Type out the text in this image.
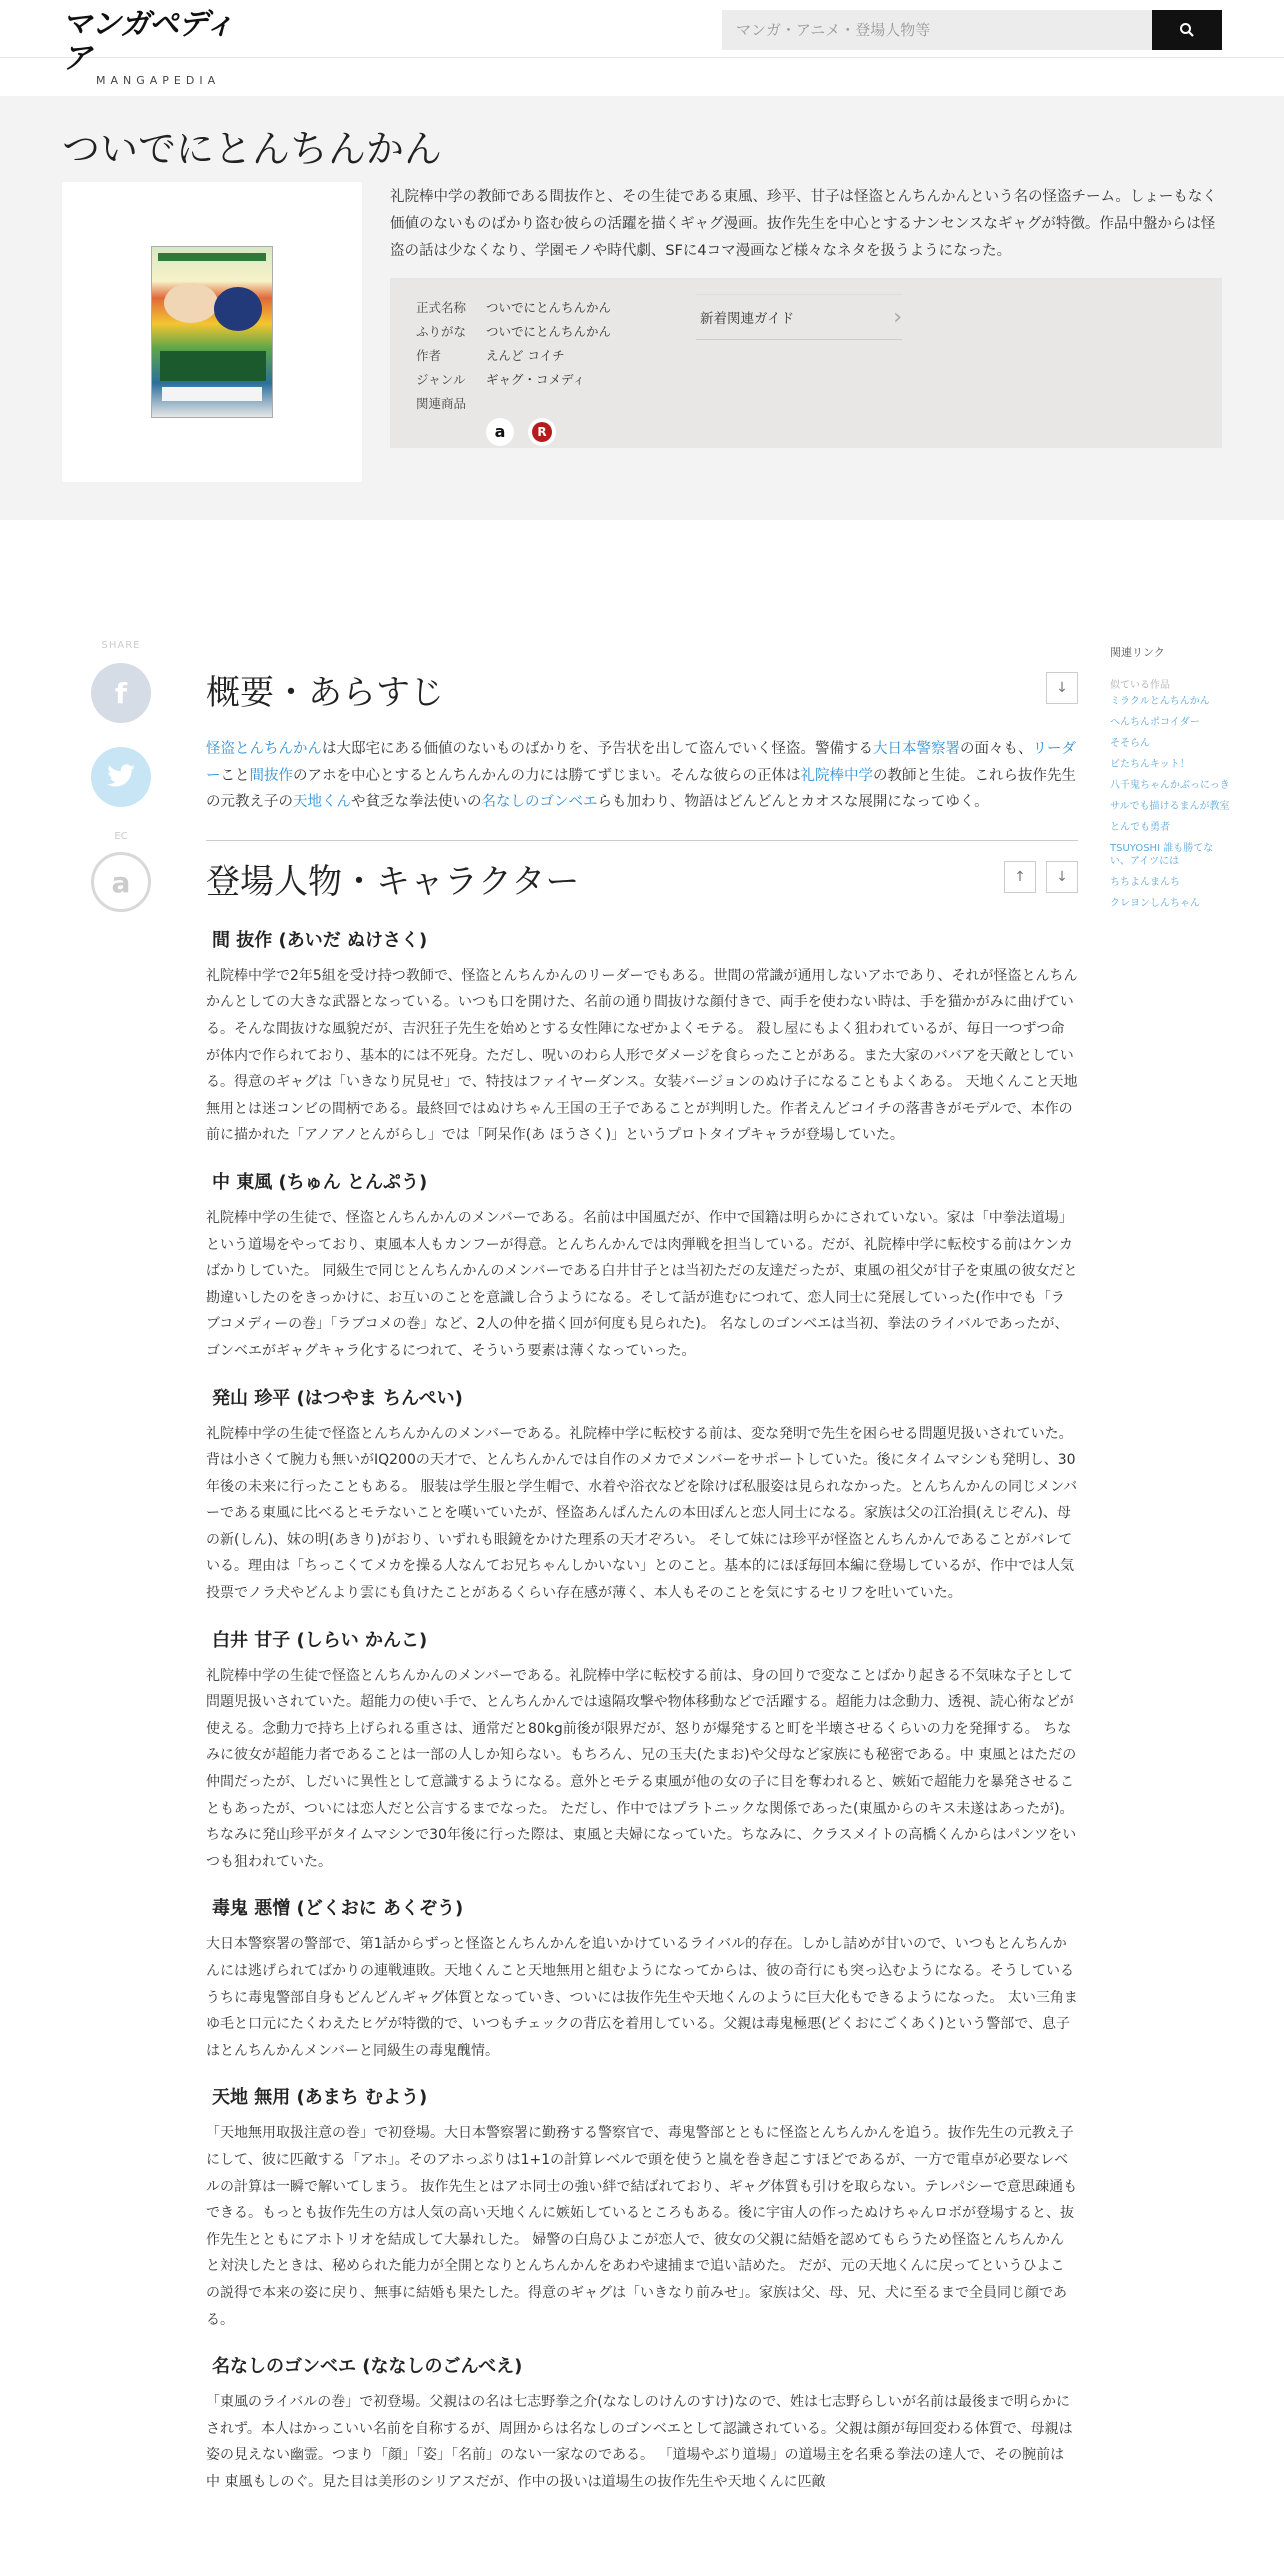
マンガペディア
MANGAPEDIA
マンガ・アニメ・登場人物等
ついでにとんちんかん

礼院棒中学の教師である間抜作と、その生徒である東風、珍平、甘子は怪盗とんちんかんという名の怪盗チーム。しょーもなく価値のないものばかり盗む彼らの活躍を描くギャグ漫画。抜作先生を中心とするナンセンスなギャグが特徴。作品中盤からは怪盗の話は少なくなり、学園モノや時代劇、SFに4コマ漫画など様々なネタを扱うようになった。

正式名称	ついでにとんちんかん
ふりがな	ついでにとんちんかん
作者	えんど コイチ
ジャンル	ギャグ・コメディ
関連商品
a	R
新着関連ガイド	›
SHARE
f
EC
a
概要・あらすじ	↓

怪盗とんちんかんは大邸宅にある価値のないものばかりを、予告状を出して盗んでいく怪盗。警備する大日本警察署の面々も、リーダーこと間抜作のアホを中心とするとんちんかんの力には勝てずじまい。そんな彼らの正体は礼院棒中学の教師と生徒。これら抜作先生の元教え子の天地くんや貧乏な拳法使いの名なしのゴンベエらも加わり、物語はどんどんとカオスな展開になってゆく。

登場人物・キャラクター	↑ ↓
間 抜作 (あいだ ぬけさく)

礼院棒中学で2年5組を受け持つ教師で、怪盗とんちんかんのリーダーでもある。世間の常識が通用しないアホであり、それが怪盗とんちんかんとしての大きな武器となっている。いつも口を開けた、名前の通り間抜けな顔付きで、両手を使わない時は、手を猫かがみに曲げている。そんな間抜けな風貌だが、吉沢狂子先生を始めとする女性陣になぜかよくモテる。 殺し屋にもよく狙われているが、毎日一つずつ命が体内で作られており、基本的には不死身。ただし、呪いのわら人形でダメージを食らったことがある。また大家のババアを天敵としている。得意のギャグは「いきなり尻見せ」で、特技はファイヤーダンス。女装バージョンのぬけ子になることもよくある。 天地くんこと天地無用とは迷コンビの間柄である。最終回ではぬけちゃん王国の王子であることが判明した。作者えんどコイチの落書きがモデルで、本作の前に描かれた「アノアノとんがらし」では「阿呆作(あ ほうさく)」というプロトタイプキャラが登場していた。

中 東風 (ちゅん とんぷう)

礼院棒中学の生徒で、怪盗とんちんかんのメンバーである。名前は中国風だが、作中で国籍は明らかにされていない。家は「中拳法道場」という道場をやっており、東風本人もカンフーが得意。とんちんかんでは肉弾戦を担当している。だが、礼院棒中学に転校する前はケンカばかりしていた。 同級生で同じとんちんかんのメンバーである白井甘子とは当初ただの友達だったが、東風の祖父が甘子を東風の彼女だと勘違いしたのをきっかけに、お互いのことを意識し合うようになる。そして話が進むにつれて、恋人同士に発展していった(作中でも「ラブコメディーの巻」「ラブコメの巻」など、2人の仲を描く回が何度も見られた)。 名なしのゴンベエは当初、拳法のライバルであったが、ゴンベエがギャグキャラ化するにつれて、そういう要素は薄くなっていった。

発山 珍平 (はつやま ちんぺい)

礼院棒中学の生徒で怪盗とんちんかんのメンバーである。礼院棒中学に転校する前は、変な発明で先生を困らせる問題児扱いされていた。背は小さくて腕力も無いがIQ200の天才で、とんちんかんでは自作のメカでメンバーをサポートしていた。後にタイムマシンも発明し、30年後の未来に行ったこともある。 服装は学生服と学生帽で、水着や浴衣などを除けば私服姿は見られなかった。とんちんかんの同じメンバーである東風に比べるとモテないことを嘆いていたが、怪盗あんぱんたんの本田ぽんと恋人同士になる。家族は父の江治損(えじぞん)、母の新(しん)、妹の明(あきり)がおり、いずれも眼鏡をかけた理系の天才ぞろい。 そして妹には珍平が怪盗とんちんかんであることがバレている。理由は「ちっこくてメカを操る人なんてお兄ちゃんしかいない」とのこと。基本的にほぼ毎回本編に登場しているが、作中では人気投票でノラ犬やどんより雲にも負けたことがあるくらい存在感が薄く、本人もそのことを気にするセリフを吐いていた。

白井 甘子 (しらい かんこ)

礼院棒中学の生徒で怪盗とんちんかんのメンバーである。礼院棒中学に転校する前は、身の回りで変なことばかり起きる不気味な子として問題児扱いされていた。超能力の使い手で、とんちんかんでは遠隔攻撃や物体移動などで活躍する。超能力は念動力、透視、読心術などが使える。念動力で持ち上げられる重さは、通常だと80kg前後が限界だが、怒りが爆発すると町を半壊させるくらいの力を発揮する。 ちなみに彼女が超能力者であることは一部の人しか知らない。もちろん、兄の玉夫(たまお)や父母など家族にも秘密である。中 東風とはただの仲間だったが、しだいに異性として意識するようになる。意外とモテる東風が他の女の子に目を奪われると、嫉妬で超能力を暴発させることもあったが、ついには恋人だと公言するまでなった。 ただし、作中ではプラトニックな関係であった(東風からのキス未遂はあったが)。ちなみに発山珍平がタイムマシンで30年後に行った際は、東風と夫婦になっていた。ちなみに、クラスメイトの高橋くんからはパンツをいつも狙われていた。

毒鬼 悪憎 (どくおに あくぞう)

大日本警察署の警部で、第1話からずっと怪盗とんちんかんを追いかけているライバル的存在。しかし詰めが甘いので、いつもとんちんかんには逃げられてばかりの連戦連敗。天地くんこと天地無用と組むようになってからは、彼の奇行にも突っ込むようになる。そうしているうちに毒鬼警部自身もどんどんギャグ体質となっていき、ついには抜作先生や天地くんのように巨大化もできるようになった。 太い三角まゆ毛と口元にたくわえたヒゲが特徴的で、いつもチェックの背広を着用している。父親は毒鬼極悪(どくおにごくあく)という警部で、息子はとんちんかんメンバーと同級生の毒鬼醜情。

天地 無用 (あまち むよう)

「天地無用取扱注意の巻」で初登場。大日本警察署に勤務する警察官で、毒鬼警部とともに怪盗とんちんかんを追う。抜作先生の元教え子にして、彼に匹敵する「アホ」。そのアホっぷりは1+1の計算レベルで頭を使うと嵐を巻き起こすほどであるが、一方で電卓が必要なレベルの計算は一瞬で解いてしまう。 抜作先生とはアホ同士の強い絆で結ばれており、ギャグ体質も引けを取らない。テレパシーで意思疎通もできる。もっとも抜作先生の方は人気の高い天地くんに嫉妬しているところもある。後に宇宙人の作ったぬけちゃんロボが登場すると、抜作先生とともにアホトリオを結成して大暴れした。 婦警の白鳥ひよこが恋人で、彼女の父親に結婚を認めてもらうため怪盗とんちんかんと対決したときは、秘められた能力が全開となりとんちんかんをあわや逮捕まで追い詰めた。 だが、元の天地くんに戻ってというひよこの説得で本来の姿に戻り、無事に結婚も果たした。得意のギャグは「いきなり前みせ」。家族は父、母、兄、犬に至るまで全員同じ顔である。

名なしのゴンベエ (ななしのごんべえ)

「東風のライバルの巻」で初登場。父親はの名は七志野拳之介(ななしのけんのすけ)なので、姓は七志野らしいが名前は最後まで明らかにされず。本人はかっこいい名前を自称するが、周囲からは名なしのゴンベエとして認識されている。父親は顔が毎回変わる体質で、母親は姿の見えない幽霊。つまり「顔」「姿」「名前」のない一家なのである。 「道場やぶり道場」の道場主を名乗る拳法の達人で、その腕前は中 東風もしのぐ。見た目は美形のシリアスだが、作中の扱いは道場生の抜作先生や天地くんに匹敵

関連リンク
似ている作品
ミラクルとんちんかん
へんちんポコイダー
そそらん
ビたちんキット！
八千鬼ちゃんかぶっにっき
サルでも描けるまんが教室
とんでも勇者
TSUYOSHI 誰も勝てない、アイツには
ちちよんまんち
クレヨンしんちゃん
